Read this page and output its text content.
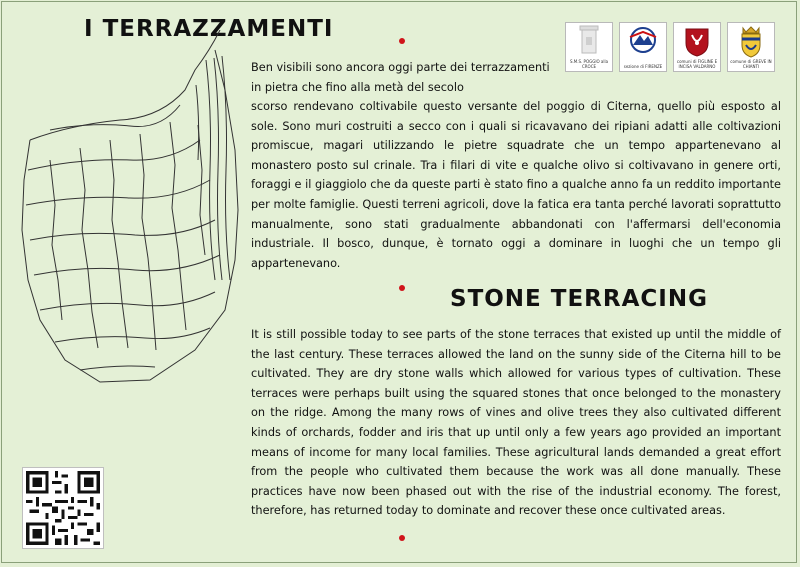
I TERRAZZAMENTI
S.M.S. POGGIO alla CROCE	sezione di FIRENZE
comuni di FIGLINE E INCISA VALDARNO
comune di GREVE IN CHIANTI
Ben visibili sono ancora oggi parte dei terrazzamenti in pietra che fino alla metà del secolo
scorso rendevano coltivabile questo versante del poggio di Citerna, quello più esposto al sole. Sono muri costruiti a secco con i quali si ricavavano dei ripiani adatti alle coltivazioni promiscue, magari utilizzando le pietre squadrate che un tempo appartenevano al monastero posto sul crinale. Tra i filari di vite e qualche olivo si coltivavano in genere orti, foraggi e il giaggiolo che da queste parti è stato fino a qualche anno fa un reddito importante per molte famiglie. Questi terreni agricoli, dove la fatica era tanta perché lavorati soprattutto manualmente, sono stati gradualmente abbandonati con l'affermarsi dell'economia industriale. Il bosco, dunque, è tornato oggi a dominare in luoghi che un tempo gli appartenevano.
STONE TERRACING
It is still possible today to see parts of the stone terraces that existed up until the middle of the last century. These terraces allowed the land on the sunny side of the Citerna hill to be cultivated. They are dry stone walls which allowed for various types of cultivation. These terraces were perhaps built using the squared stones that once belonged to the monastery on the ridge. Among the many rows of vines and olive trees they also cultivated different kinds of orchards, fodder and iris that up until only a few years ago provided an important means of income for many local families. These agricultural lands demanded a great effort from the people who cultivated them because the work was all done manually. These practices have now been phased out with the rise of the industrial economy. The forest, therefore, has returned today to dominate and recover these once cultivated areas.
